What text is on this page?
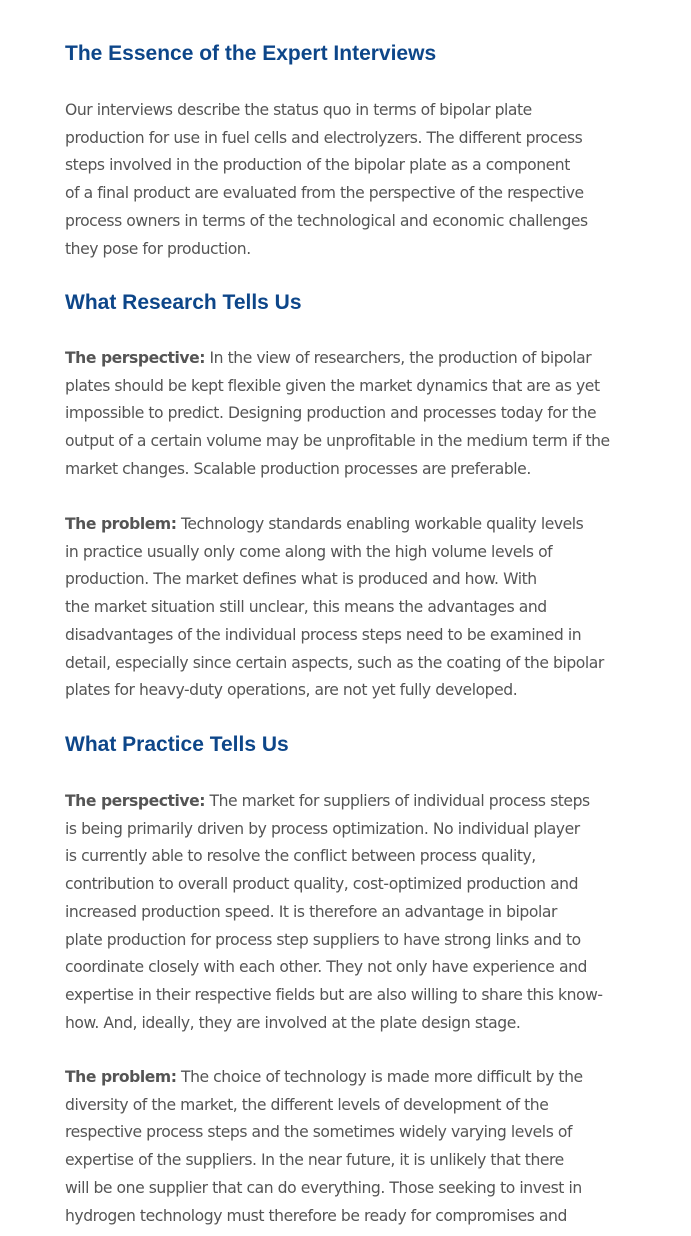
The Essence of the Expert Interviews

Our interviews describe the status quo in terms of bipolar plate
production for use in fuel cells and electrolyzers. The different process
steps involved in the production of the bipolar plate as a component
of a final product are evaluated from the perspective of the respective
process owners in terms of the technological and economic challenges
they pose for production.

What Research Tells Us

The perspective: In the view of researchers, the production of bipolar
plates should be kept flexible given the market dynamics that are as yet
impossible to predict. Designing production and processes today for the
output of a certain volume may be unprofitable in the medium term if the
market changes. Scalable production processes are preferable.

The problem: Technology standards enabling workable quality levels
in practice usually only come along with the high volume levels of
production. The market defines what is produced and how. With
the market situation still unclear, this means the advantages and
disadvantages of the individual process steps need to be examined in
detail, especially since certain aspects, such as the coating of the bipolar
plates for heavy-duty operations, are not yet fully developed.

What Practice Tells Us

The perspective: The market for suppliers of individual process steps
is being primarily driven by process optimization. No individual player
is currently able to resolve the conflict between process quality,
contribution to overall product quality, cost-optimized production and
increased production speed. It is therefore an advantage in bipolar
plate production for process step suppliers to have strong links and to
coordinate closely with each other. They not only have experience and
expertise in their respective fields but are also willing to share this know-
how. And, ideally, they are involved at the plate design stage.

The problem: The choice of technology is made more difficult by the
diversity of the market, the different levels of development of the
respective process steps and the sometimes widely varying levels of
expertise of the suppliers. In the near future, it is unlikely that there
will be one supplier that can do everything. Those seeking to invest in
hydrogen technology must therefore be ready for compromises and
